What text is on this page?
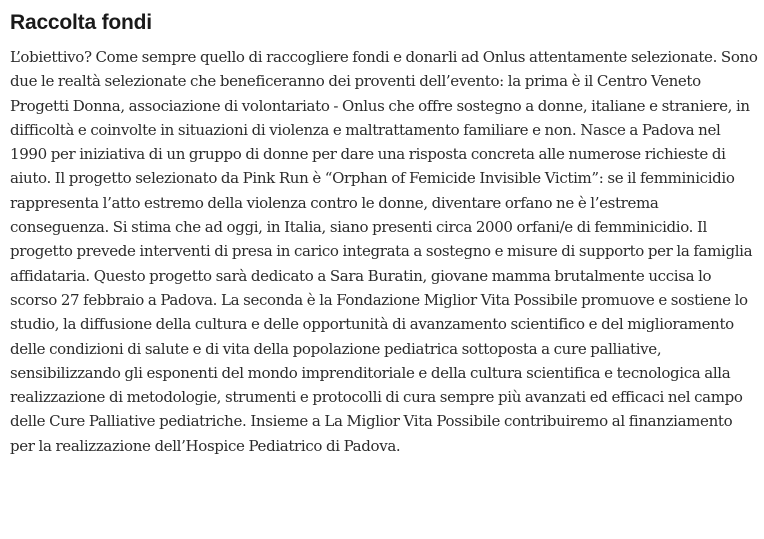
Raccolta fondi

L’obiettivo? Come sempre quello di raccogliere fondi e donarli ad Onlus attentamente selezionate. Sono due le realtà selezionate che beneficeranno dei proventi dell’evento: la prima è il Centro Veneto Progetti Donna, associazione di volontariato - Onlus che offre sostegno a donne, italiane e straniere, in difficoltà e coinvolte in situazioni di violenza e maltrattamento familiare e non. Nasce a Padova nel 1990 per iniziativa di un gruppo di donne per dare una risposta concreta alle numerose richieste di aiuto. Il progetto selezionato da Pink Run è “Orphan of Femicide Invisible Victim”: se il femminicidio rappresenta l’atto estremo della violenza contro le donne, diventare orfano ne è l’estrema conseguenza. Si stima che ad oggi, in Italia, siano presenti circa 2000 orfani/e di femminicidio. Il progetto prevede interventi di presa in carico integrata a sostegno e misure di supporto per la famiglia affidataria. Questo progetto sarà dedicato a Sara Buratin, giovane mamma brutalmente uccisa lo scorso 27 febbraio a Padova. La seconda è la Fondazione Miglior Vita Possibile promuove e sostiene lo studio, la diffusione della cultura e delle opportunità di avanzamento scientifico e del miglioramento delle condizioni di salute e di vita della popolazione pediatrica sottoposta a cure palliative, sensibilizzando gli esponenti del mondo imprenditoriale e della cultura scientifica e tecnologica alla realizzazione di metodologie, strumenti e protocolli di cura sempre più avanzati ed efficaci nel campo delle Cure Palliative pediatriche. Insieme a La Miglior Vita Possibile contribuiremo al finanziamento per la realizzazione dell’Hospice Pediatrico di Padova.
